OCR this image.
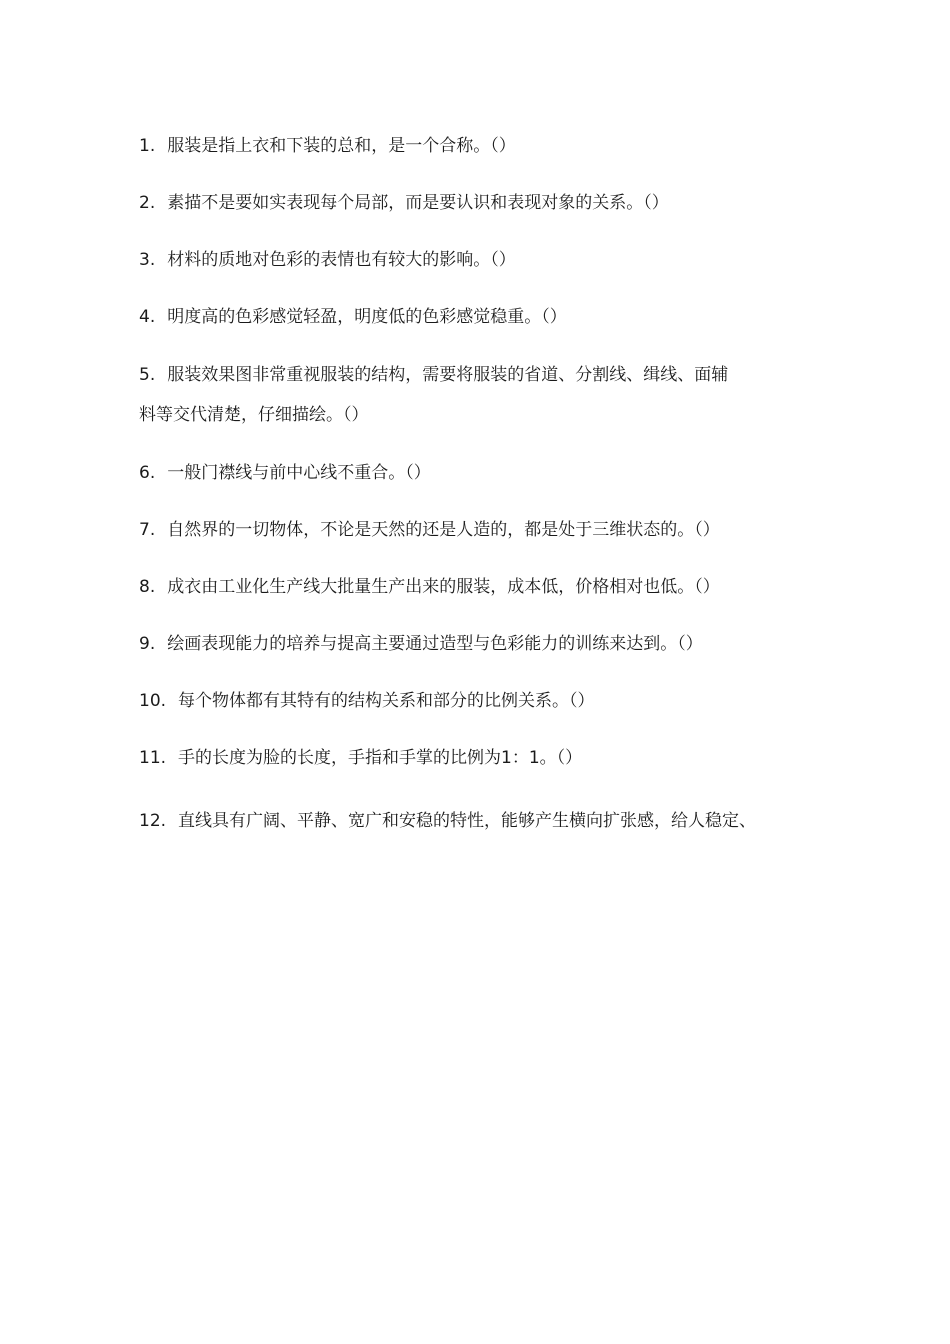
1. 服装是指上衣和下装的总和，是一个合称。（）
2. 素描不是要如实表现每个局部，而是要认识和表现对象的关系。（）
3. 材料的质地对色彩的表情也有较大的影响。（）
4. 明度高的色彩感觉轻盈，明度低的色彩感觉稳重。（）
5. 服装效果图非常重视服装的结构，需要将服装的省道、分割线、缉线、面辅
料等交代清楚，仔细描绘。（）
6. 一般门襟线与前中心线不重合。（）
7. 自然界的一切物体，不论是天然的还是人造的，都是处于三维状态的。（）
8. 成衣由工业化生产线大批量生产出来的服装，成本低，价格相对也低。（）
9. 绘画表现能力的培养与提高主要通过造型与色彩能力的训练来达到。（）
10. 每个物体都有其特有的结构关系和部分的比例关系。（）
11. 手的长度为脸的长度，手指和手掌的比例为1：1。（）
12. 直线具有广阔、平静、宽广和安稳的特性，能够产生横向扩张感，给人稳定、
